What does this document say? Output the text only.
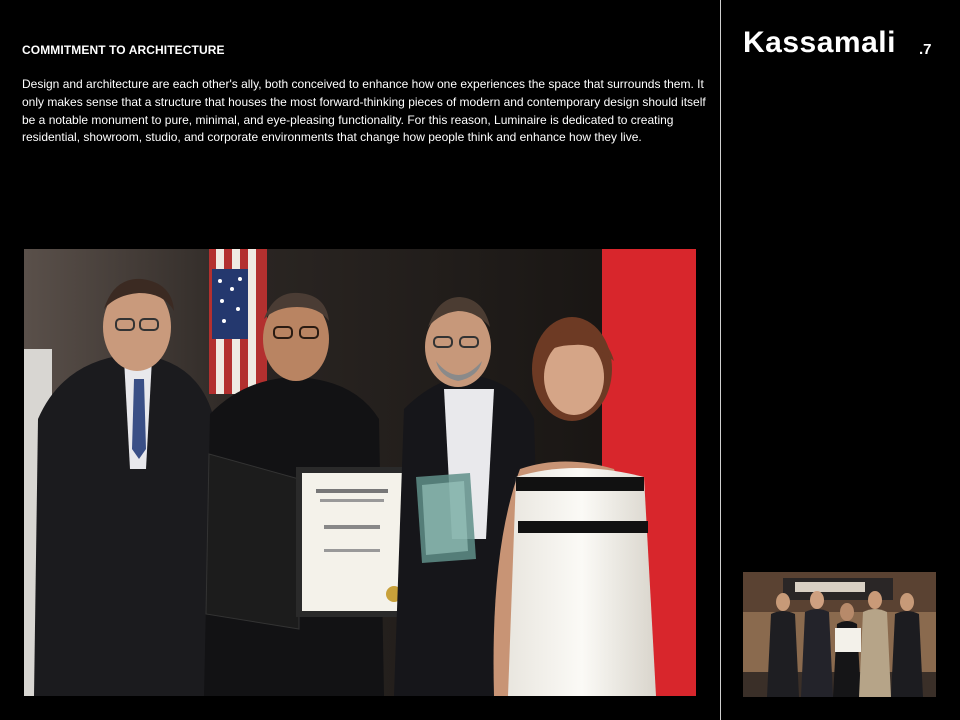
COMMITMENT TO ARCHITECTURE
Design and architecture are each other's ally, both conceived to enhance how one experiences the space that surrounds them. It only makes sense that a structure that houses the most forward-thinking pieces of modern and contemporary design should itself be a notable monument to pure, minimal, and eye-pleasing functionality. For this reason, Luminaire is dedicated to creating residential, showroom, studio, and corporate environments that change how people think and enhance how they live.
Kassamali .7
